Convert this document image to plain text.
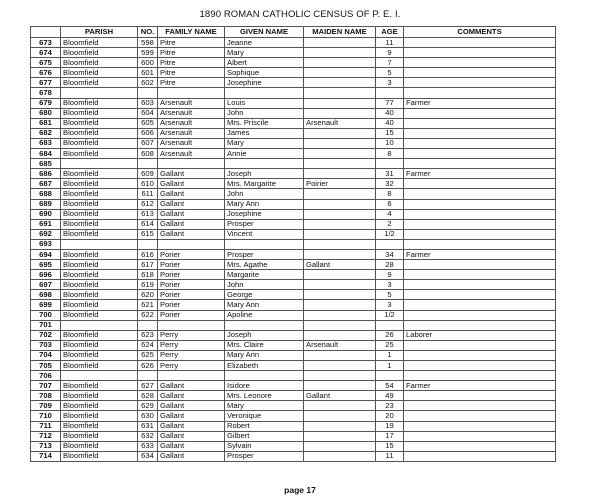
1890 ROMAN CATHOLIC CENSUS OF P. E. I.
	PARISH	NO.	FAMILY NAME	GIVEN NAME	MAIDEN NAME	AGE	COMMENTS
673	Bloomfield	598	Pitre	Jeanne		11	
674	Bloomfield	599	Pitre	Mary		9	
675	Bloomfield	600	Pitre	Albert		7	
676	Bloomfield	601	Pitre	Sophique		5	
677	Bloomfield	602	Pitre	Josephine		3	
678							
679	Bloomfield	603	Arsenault	Louis		77	Farmer
680	Bloomfield	604	Arsenault	John		40	
681	Bloomfield	605	Arsenault	Mrs. Priscile	Arsenault	40	
682	Bloomfield	606	Arsenault	James		15	
683	Bloomfield	607	Arsenault	Mary		10	
684	Bloomfield	608	Arsenault	Annie		8	
685							
686	Bloomfield	609	Gallant	Joseph		31	Farmer
687	Bloomfield	610	Gallant	Mrs. Margarite	Poirier	32	
688	Bloomfield	611	Gallant	John		8	
689	Bloomfield	612	Gallant	Mary Ann		6	
690	Bloomfield	613	Gallant	Josephine		4	
691	Bloomfield	614	Gallant	Prosper		2	
692	Bloomfield	615	Gallant	Vincent		1/2	
693							
694	Bloomfield	616	Porier	Prosper		34	Farmer
695	Bloomfield	617	Porier	Mrs. Agathe	Gallant	28	
696	Bloomfield	618	Porier	Margarite		9	
697	Bloomfield	619	Porier	John		3	
698	Bloomfield	620	Porier	George		5	
699	Bloomfield	621	Porier	Mary Ann		3	
700	Bloomfield	622	Porier	Apoline		1/2	
701							
702	Bloomfield	623	Perry	Joseph		26	Laborer
703	Bloomfield	624	Perry	Mrs. Claire	Arsenault	25	
704	Bloomfield	625	Perry	Mary Ann		1	
705	Bloomfield	626	Perry	Elizabeth		1	
706							
707	Bloomfield	627	Gallant	Isidore		54	Farmer
708	Bloomfield	628	Gallant	Mrs. Leonore	Gallant	49	
709	Bloomfield	629	Gallant	Mary		23	
710	Bloomfield	630	Gallant	Veronique		20	
711	Bloomfield	631	Gallant	Robert		19	
712	Bloomfield	632	Gallant	Gilbert		17	
713	Bloomfield	633	Gallant	Sylvain		15	
714	Bloomfield	634	Gallant	Prosper		11	
page 17
